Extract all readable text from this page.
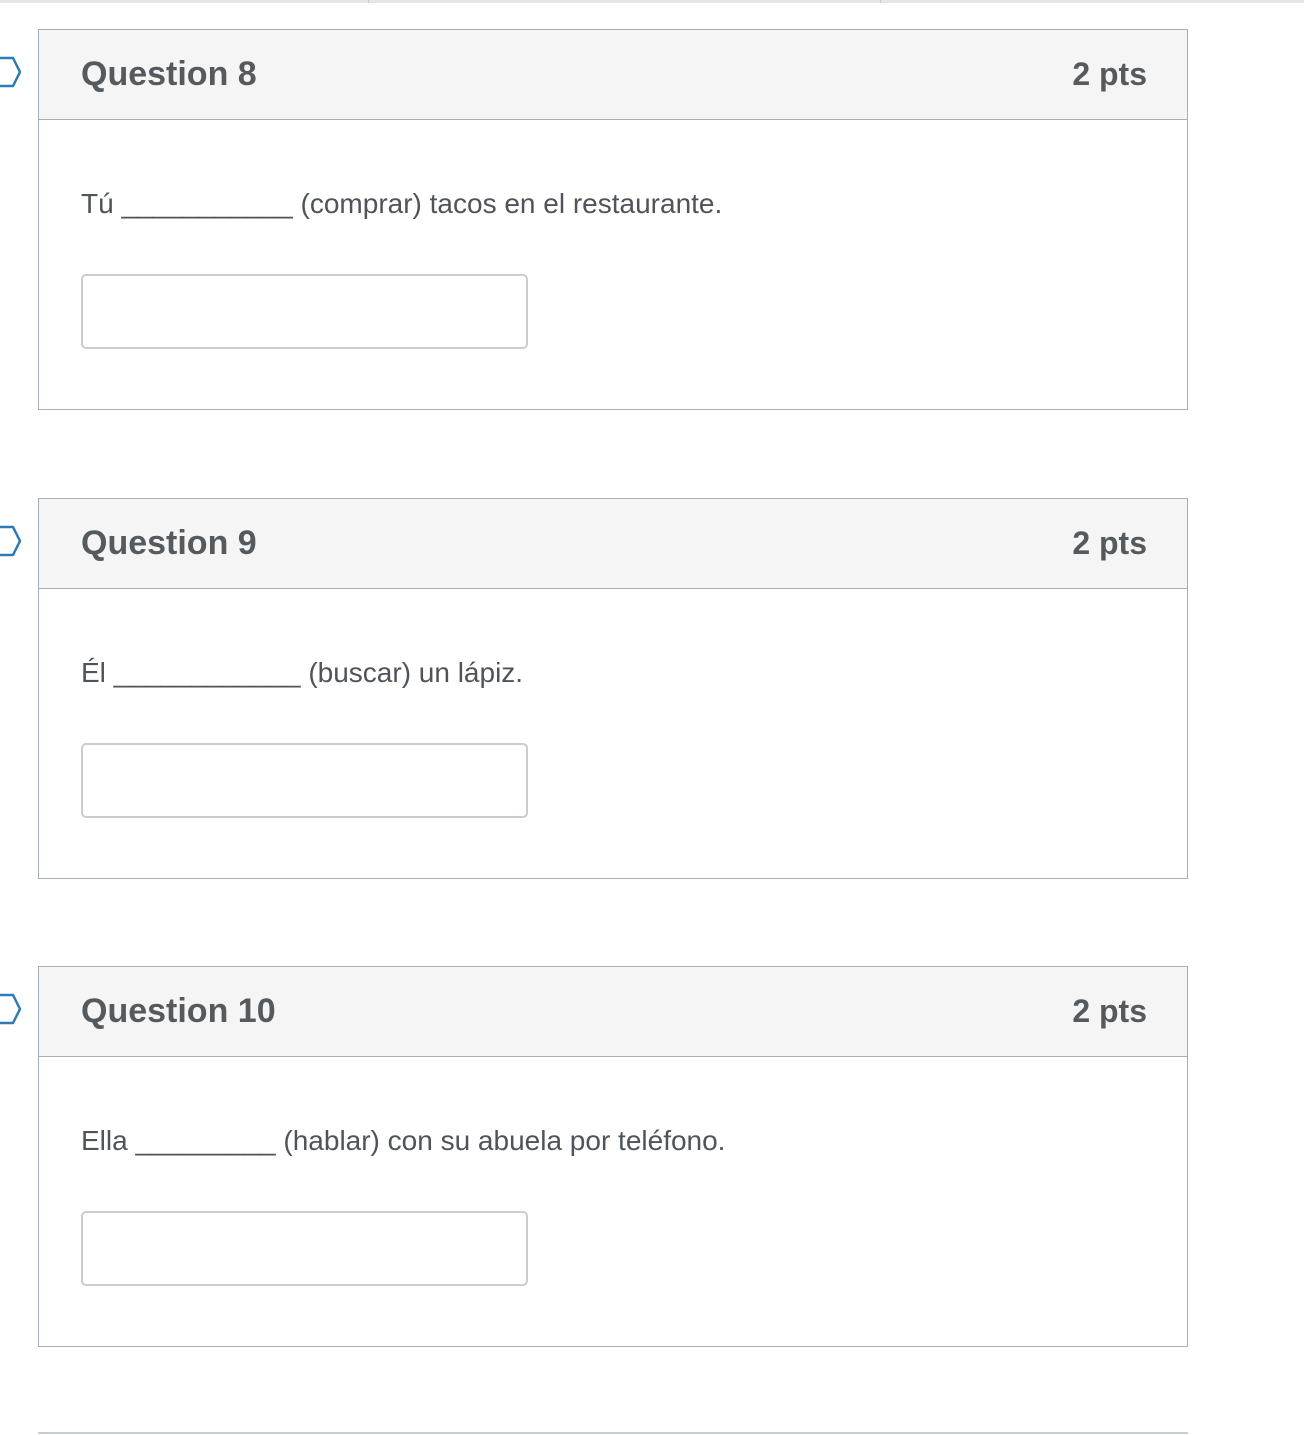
Question 8	2 pts
Tú ___________ (comprar) tacos en el restaurante.
Question 9	2 pts
Él ____________ (buscar) un lápiz.
Question 10	2 pts
Ella _________ (hablar) con su abuela por teléfono.
